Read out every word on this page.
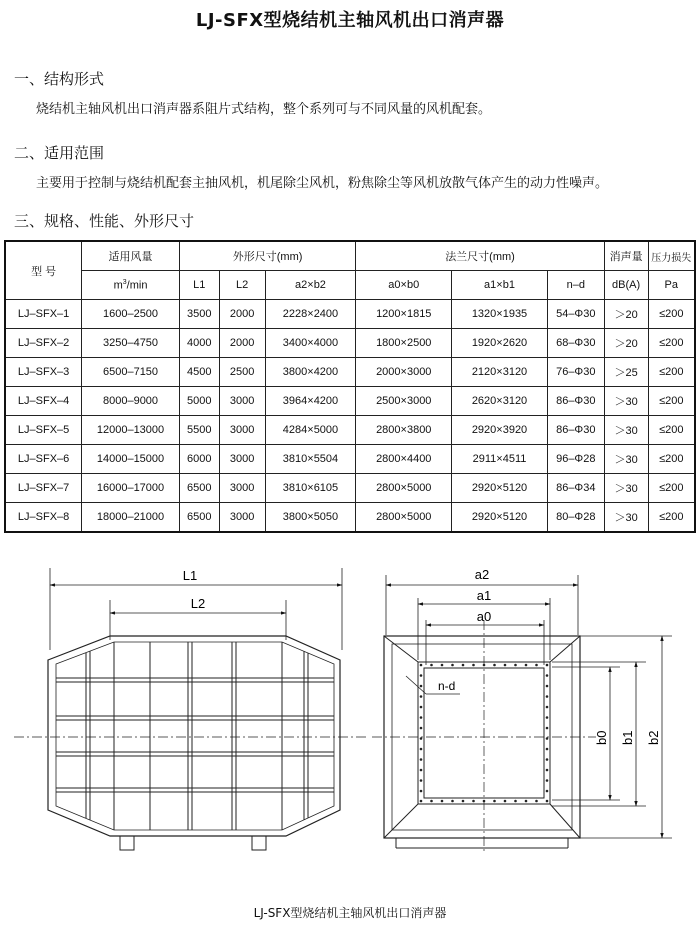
LJ-SFX型烧结机主轴风机出口消声器
一、结构形式
烧结机主轴风机出口消声器系阻片式结构，整个系列可与不同风量的风机配套。
二、适用范围
主要用于控制与烧结机配套主抽风机，机尾除尘风机，粉焦除尘等风机放散气体产生的动力性噪声。
三、规格、性能、外形尺寸
型 号	适用风量	外形尺寸(mm)			法兰尺寸(mm)			消声量	压力损失
	$m^3/\min$	L1	L2	a2×b2	a0×b0	a1×b1	n–d	dB(A)	Pa
LJ–SFX–1	1600–2500	3500	2000	2228×2400	1200×1815	1320×1935	54–Φ30	＞20	≤200
LJ–SFX–2	3250–4750	4000	2000	3400×4000	1800×2500	1920×2620	68–Φ30	＞20	≤200
LJ–SFX–3	6500–7150	4500	2500	3800×4200	2000×3000	2120×3120	76–Φ30	＞25	≤200
LJ–SFX–4	8000–9000	5000	3000	3964×4200	2500×3000	2620×3120	86–Φ30	＞30	≤200
LJ–SFX–5	12000–13000	5500	3000	4284×5000	2800×3800	2920×3920	86–Φ30	＞30	≤200
LJ–SFX–6	14000–15000	6000	3000	3810×5504	2800×4400	2911×4511	96–Φ28	＞30	≤200
LJ–SFX–7	16000–17000	6500	3000	3810×6105	2800×5000	2920×5120	86–Φ34	＞30	≤200
LJ–SFX–8	18000–21000	6500	3000	3800×5050	2800×5000	2920×5120	80–Φ28	＞30	≤200
L1
L2
a2
a1
a0
n-d
b0 b1 b2
LJ-SFX型烧结机主轴风机出口消声器
